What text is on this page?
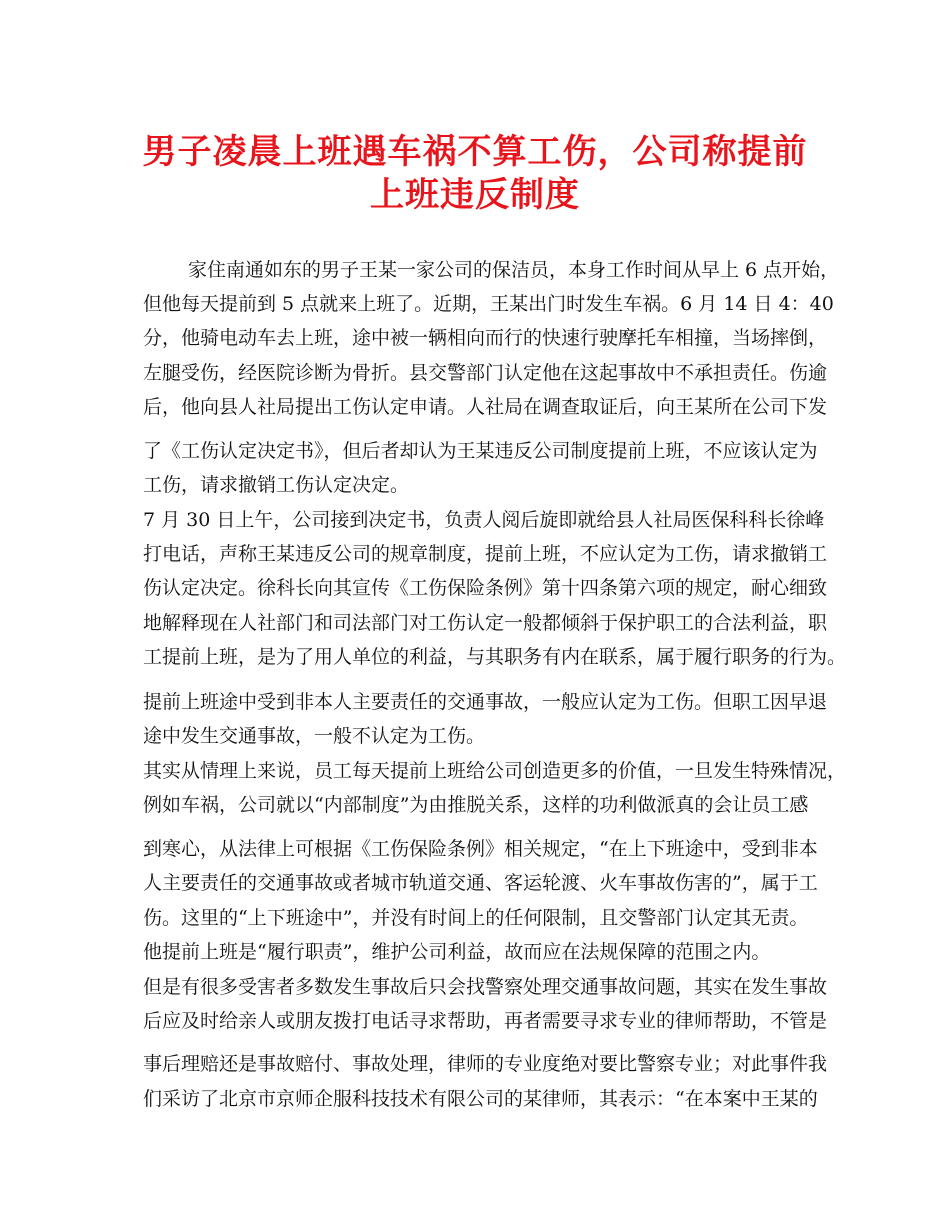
男子凌晨上班遇车祸不算工伤，公司称提前
上班违反制度

家住南通如东的男子王某一家公司的保洁员，本身工作时间从早上 6 点开始，

但他每天提前到 5 点就来上班了。近期，王某出门时发生车祸。6 月 14 日 4：40

分，他骑电动车去上班，途中被一辆相向而行的快速行驶摩托车相撞，当场摔倒，

左腿受伤，经医院诊断为骨折。县交警部门认定他在这起事故中不承担责任。伤逾

后，他向县人社局提出工伤认定申请。人社局在调查取证后，向王某所在公司下发

了《工伤认定决定书》，但后者却认为王某违反公司制度提前上班，不应该认定为

工伤，请求撤销工伤认定决定。

7 月 30 日上午，公司接到决定书，负责人阅后旋即就给县人社局医保科科长徐峰

打电话，声称王某违反公司的规章制度，提前上班，不应认定为工伤，请求撤销工

伤认定决定。徐科长向其宣传《工伤保险条例》第十四条第六项的规定，耐心细致

地解释现在人社部门和司法部门对工伤认定一般都倾斜于保护职工的合法利益，职

工提前上班，是为了用人单位的利益，与其职务有内在联系，属于履行职务的行为。

提前上班途中受到非本人主要责任的交通事故，一般应认定为工伤。但职工因早退

途中发生交通事故，一般不认定为工伤。

其实从情理上来说，员工每天提前上班给公司创造更多的价值，一旦发生特殊情况，

例如车祸，公司就以“内部制度”为由推脱关系，这样的功利做派真的会让员工感

到寒心，从法律上可根据《工伤保险条例》相关规定，“在上下班途中，受到非本

人主要责任的交通事故或者城市轨道交通、客运轮渡、火车事故伤害的”，属于工

伤。这里的“上下班途中”，并没有时间上的任何限制，且交警部门认定其无责。

他提前上班是“履行职责”，维护公司利益，故而应在法规保障的范围之内。

但是有很多受害者多数发生事故后只会找警察处理交通事故问题，其实在发生事故

后应及时给亲人或朋友拨打电话寻求帮助，再者需要寻求专业的律师帮助，不管是

事后理赔还是事故赔付、事故处理，律师的专业度绝对要比警察专业；对此事件我

们采访了北京市京师企服科技技术有限公司的某律师，其表示：“在本案中王某的
